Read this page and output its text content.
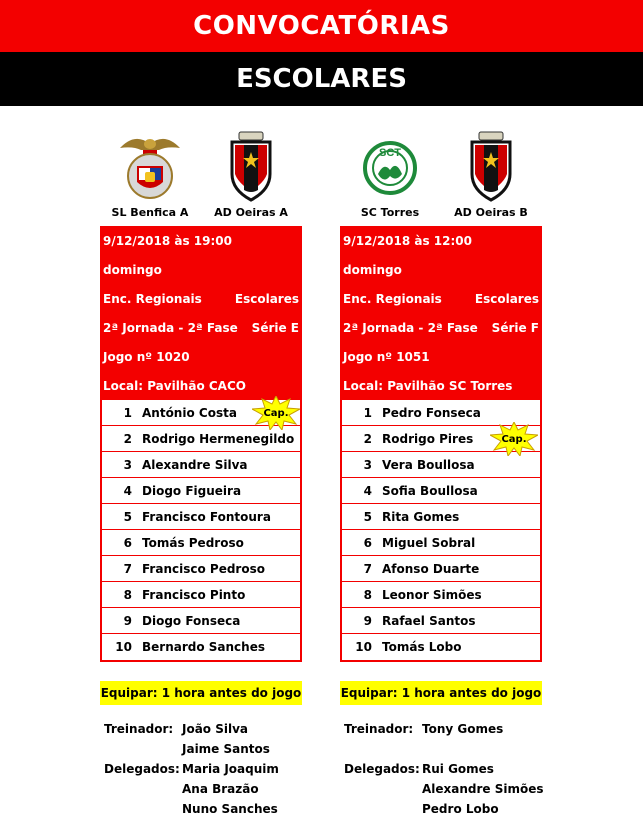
CONVOCATÓRIAS
ESCOLARES
SL Benfica A	AD Oeiras A
9/12/2018 às 19:00
domingo
Enc. Regionais	Escolares
2ª Jornada - 2ª Fase Série E
Jogo nº 1020
Local: Pavilhão CACO
1 António Costa	Cap.
2 Rodrigo Hermenegildo
3 Alexandre Silva
4 Diogo Figueira
5 Francisco Fontoura
6 Tomás Pedroso
7 Francisco Pedroso
8 Francisco Pinto
9 Diogo Fonseca
10 Bernardo Sanches
SCT
SC Torres	AD Oeiras B
9/12/2018 às 12:00
domingo
Enc. Regionais	Escolares
2ª Jornada - 2ª Fase Série F
Jogo nº 1051
Local: Pavilhão SC Torres
1 Pedro Fonseca
2 Rodrigo Pires	Cap.
3 Vera Boullosa
4 Sofia Boullosa
5 Rita Gomes
6 Miguel Sobral
7 Afonso Duarte
8 Leonor Simões
9 Rafael Santos
10 Tomás Lobo
Equipar: 1 hora antes do jogo	Equipar: 1 hora antes do jogo
Treinador: João Silva
Jaime Santos
Delegados: Maria Joaquim
Ana Brazão
Nuno Sanches
Treinador: Tony Gomes
Delegados: Rui Gomes
Alexandre Simões
Pedro Lobo
